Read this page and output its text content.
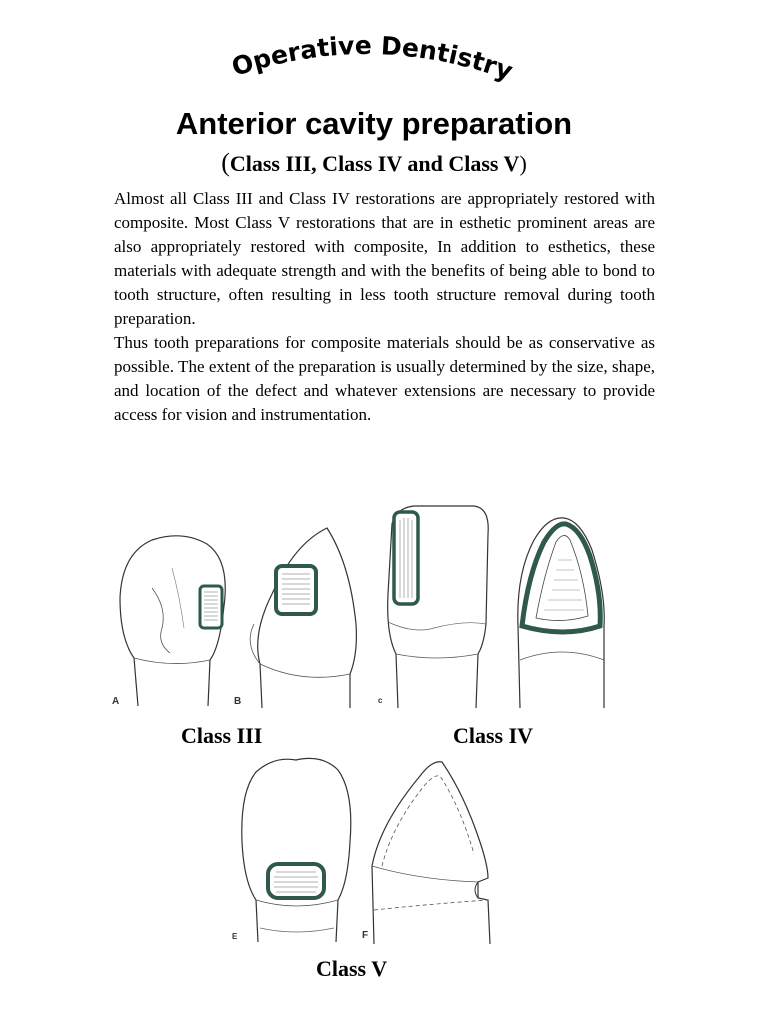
Operative Dentistry
Anterior cavity preparation
(Class III, Class IV and Class V)

Almost all Class III and Class IV restorations are appropriately restored with composite. Most Class V restorations that are in esthetic prominent areas are also appropriately restored with composite, In addition to esthetics, these materials with adequate strength and with the benefits of being able to bond to tooth structure, often resulting in less tooth structure removal during tooth preparation.

Thus tooth preparations for composite materials should be as conservative as possible. The extent of the preparation is usually determined by the size, shape, and location of the defect and whatever extensions are necessary to provide access for vision and instrumentation.

A	B	c
Class III	Class IV
E	F
Class V
